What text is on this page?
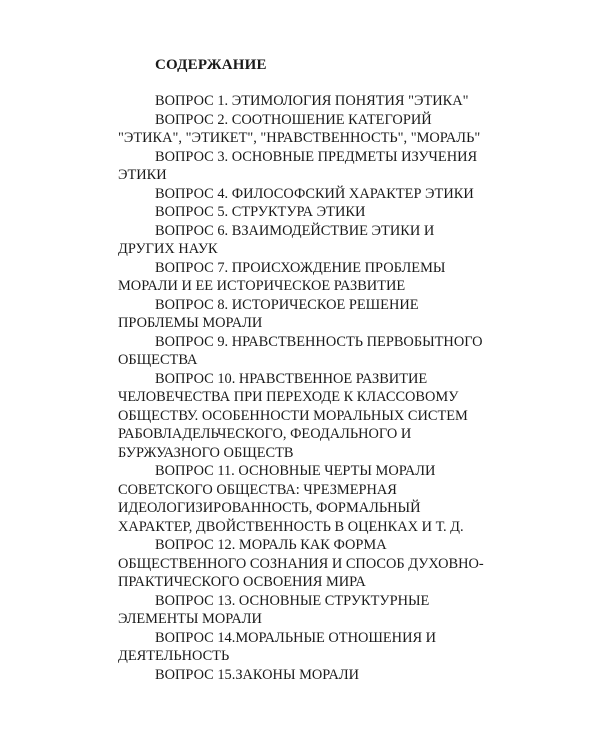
СОДЕРЖАНИЕ

ВОПРОС 1. ЭТИМОЛОГИЯ ПОНЯТИЯ "ЭТИКА"

ВОПРОС 2. СООТНОШЕНИЕ КАТЕГОРИЙ
"ЭТИКА", "ЭТИКЕТ", "НРАВСТВЕННОСТЬ", "МОРАЛЬ"

ВОПРОС 3. ОСНОВНЫЕ ПРЕДМЕТЫ ИЗУЧЕНИЯ
ЭТИКИ

ВОПРОС 4. ФИЛОСОФСКИЙ ХАРАКТЕР ЭТИКИ

ВОПРОС 5. СТРУКТУРА ЭТИКИ

ВОПРОС 6. ВЗАИМОДЕЙСТВИЕ ЭТИКИ И
ДРУГИХ НАУК

ВОПРОС 7. ПРОИСХОЖДЕНИЕ ПРОБЛЕМЫ
МОРАЛИ И ЕЕ ИСТОРИЧЕСКОЕ РАЗВИТИЕ

ВОПРОС 8. ИСТОРИЧЕСКОЕ РЕШЕНИЕ
ПРОБЛЕМЫ МОРАЛИ

ВОПРОС 9. НРАВСТВЕННОСТЬ ПЕРВОБЫТНОГО
ОБЩЕСТВА

ВОПРОС 10. НРАВСТВЕННОЕ РАЗВИТИЕ
ЧЕЛОВЕЧЕСТВА ПРИ ПЕРЕХОДЕ К КЛАССОВОМУ
ОБЩЕСТВУ. ОСОБЕННОСТИ МОРАЛЬНЫХ СИСТЕМ
РАБОВЛАДЕЛЬЧЕСКОГО, ФЕОДАЛЬНОГО И
БУРЖУАЗНОГО ОБЩЕСТВ

ВОПРОС 11. ОСНОВНЫЕ ЧЕРТЫ МОРАЛИ
СОВЕТСКОГО ОБЩЕСТВА: ЧРЕЗМЕРНАЯ
ИДЕОЛОГИЗИРОВАННОСТЬ, ФОРМАЛЬНЫЙ
ХАРАКТЕР, ДВОЙСТВЕННОСТЬ В ОЦЕНКАХ И Т. Д.

ВОПРОС 12. МОРАЛЬ КАК ФОРМА
ОБЩЕСТВЕННОГО СОЗНАНИЯ И СПОСОБ ДУХОВНО-
ПРАКТИЧЕСКОГО ОСВОЕНИЯ МИРА

ВОПРОС 13. ОСНОВНЫЕ СТРУКТУРНЫЕ
ЭЛЕМЕНТЫ МОРАЛИ

ВОПРОС 14.МОРАЛЬНЫЕ ОТНОШЕНИЯ И
ДЕЯТЕЛЬНОСТЬ

ВОПРОС 15.ЗАКОНЫ МОРАЛИ
